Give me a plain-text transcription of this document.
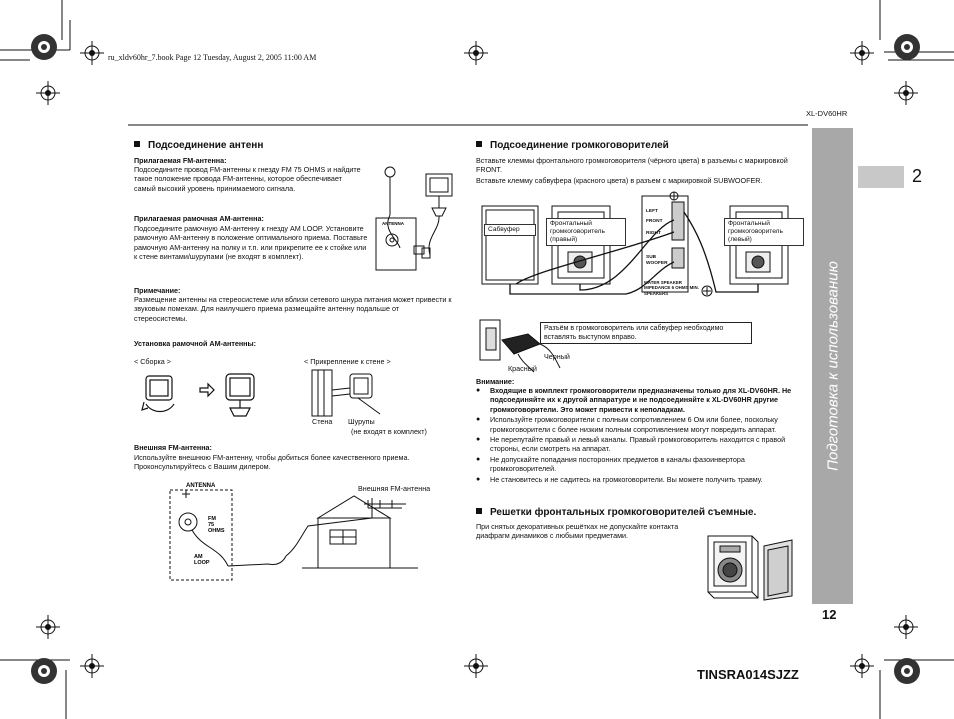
ru_xldv60hr_7.book Page 12 Tuesday, August 2, 2005 11:00 AM
XL-DV60HR
Подготовка к использованию
2
12
TINSRA014SJZZ
Подсоединение антенн
Прилагаемая FM-антенна:
Подсоедините провод FM-антенны к гнезду FM 75 OHMS и найдите такое положение провода FM-антенны, которое обеспечивает самый высокий уровень принимаемого сигнала.
Прилагаемая рамочная AM-антенна:
Подсоедините рамочную AM-антенну к гнезду AM LOOP. Установите рамочную AM-антенну в положение оптимального приема. Поставьте рамочную AM-антенну на полку и т.п. или прикрепите ее к стойке или к стене винтами/шурупами (не входят в комплект).
ANTENNA
Примечание:
Размещение антенны на стереосистеме или вблизи сетевого шнура питания может привести к звуковым помехам. Для наилучшего приема размещайте антенну подальше от стереосистемы.
Установка рамочной AM-антенны:
< Сборка >	< Прикрепление к стене >
Стена Шурупы
(не входят в комплект)
Внешняя FM-антенна:
Используйте внешнюю FM-антенну, чтобы добиться более качественного приема. Проконсультируйтесь с Вашим дилером.
ANTENNA
FM
75
OHMS
AM
LOOP
Внешняя FM-антенна
Подсоединение громкоговорителей
Вставьте клеммы фронтального громкоговорителя (чёрного цвета) в разъемы с маркировкой FRONT.
Вставьте клемму сабвуфера (красного цвета) в разъем с маркировкой SUBWOOFER.
LEFT
FRONT
RIGHT
SUB
WOOFER
Сабвуфер
Фронтальный громкоговоритель (правый)
Фронтальный громкоговоритель (левый)
WATER SPEAKER IMPEDANCE 6 OHMS MIN. SPEAKERS
Разъём в громкоговоритель или сабвуфер необходимо вставлять выступом вправо.
Черный
Красный
Внимание:
● Входящие в комплект громкоговорители предназначены только для XL-DV60HR. Не подсоединяйте их к другой аппаратуре и не подсоединяйте к XL-DV60HR другие громкоговорители. Это может привести к неполадкам.
● Используйте громкоговорители с полным сопротивлением 6 Ом или более, поскольку громкоговорители с более низким полным сопротивлением могут повредить аппарат.
● Не перепутайте правый и левый каналы. Правый громкоговоритель находится с правой стороны, если смотреть на аппарат.
● Не допускайте попадания посторонних предметов в каналы фазоинвертора громкоговорителей.
● Не становитесь и не садитесь на громкоговорители. Вы можете получить травму.
Решетки фронтальных громкоговорителей съемные.
При снятых декоративных решётках не допускайте контакта диафрагм динамиков с любыми предметами.
